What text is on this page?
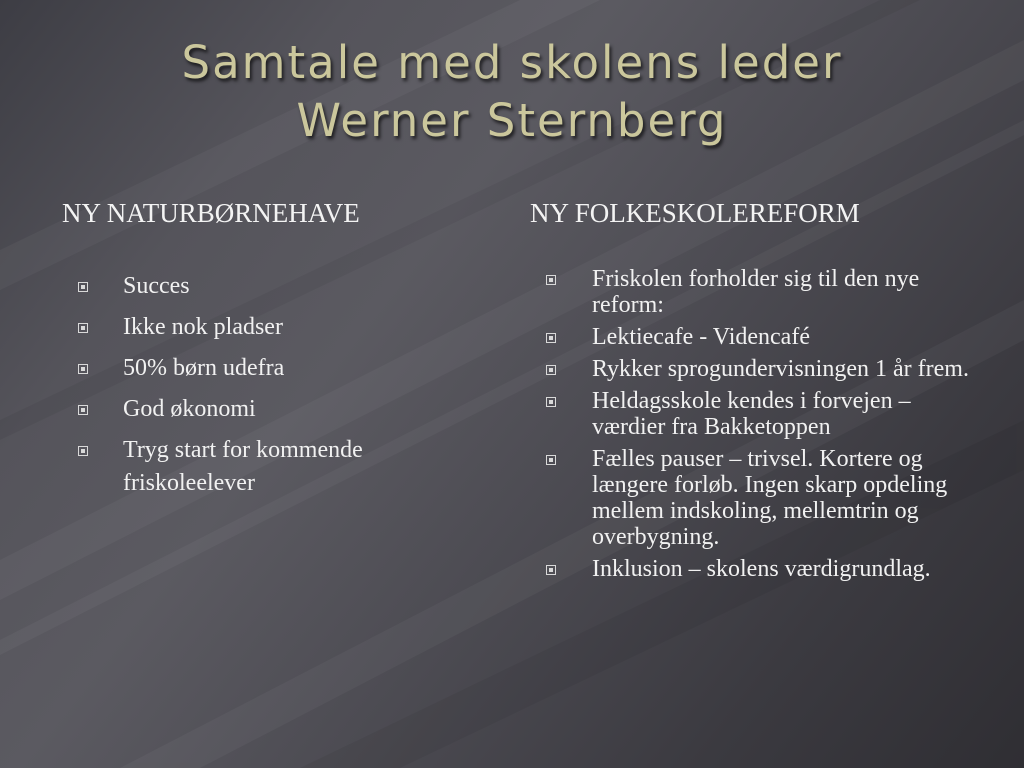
Samtale med skolens leder
Werner Sternberg
NY NATURBØRNEHAVE	NY FOLKESKOLEREFORM
Succes
Ikke nok pladser
50% børn udefra
God økonomi
Tryg start for kommende friskoleelever
Friskolen forholder sig til den nye reform:
Lektiecafe - Videncafé
Rykker sprogundervisningen 1 år frem.
Heldagsskole kendes i forvejen – værdier fra Bakketoppen
Fælles pauser – trivsel. Kortere og længere forløb. Ingen skarp opdeling mellem indskoling, mellemtrin og overbygning.
Inklusion – skolens værdigrundlag.
